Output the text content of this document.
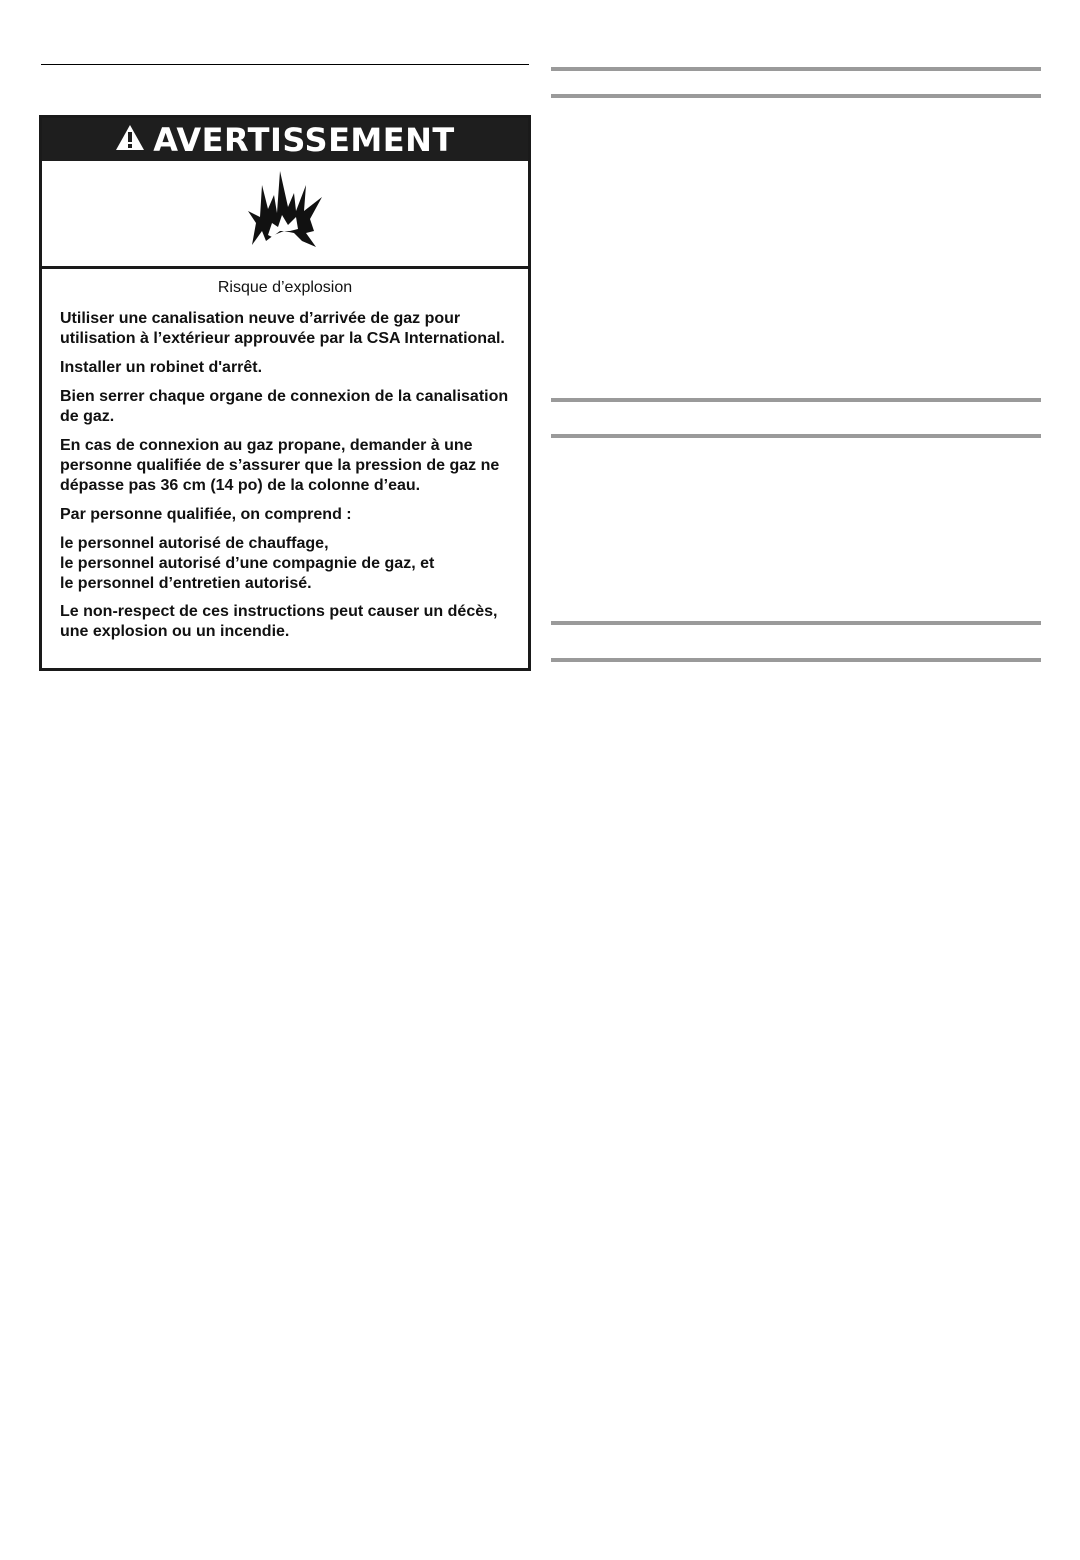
AVERTISSEMENT
Risque d’explosion

Utiliser une canalisation neuve d’arrivée de gaz pour utilisation à l’extérieur approuvée par la CSA International.

Installer un robinet d'arrêt.

Bien serrer chaque organe de connexion de la canalisation de gaz.

En cas de connexion au gaz propane, demander à une personne qualifiée de s’assurer que la pression de gaz ne dépasse pas 36 cm (14 po) de la colonne d’eau.

Par personne qualifiée, on comprend :

le personnel autorisé de chauffage,
le personnel autorisé d’une compagnie de gaz, et
le personnel d’entretien autorisé.

Le non-respect de ces instructions peut causer un décès, une explosion ou un incendie.
